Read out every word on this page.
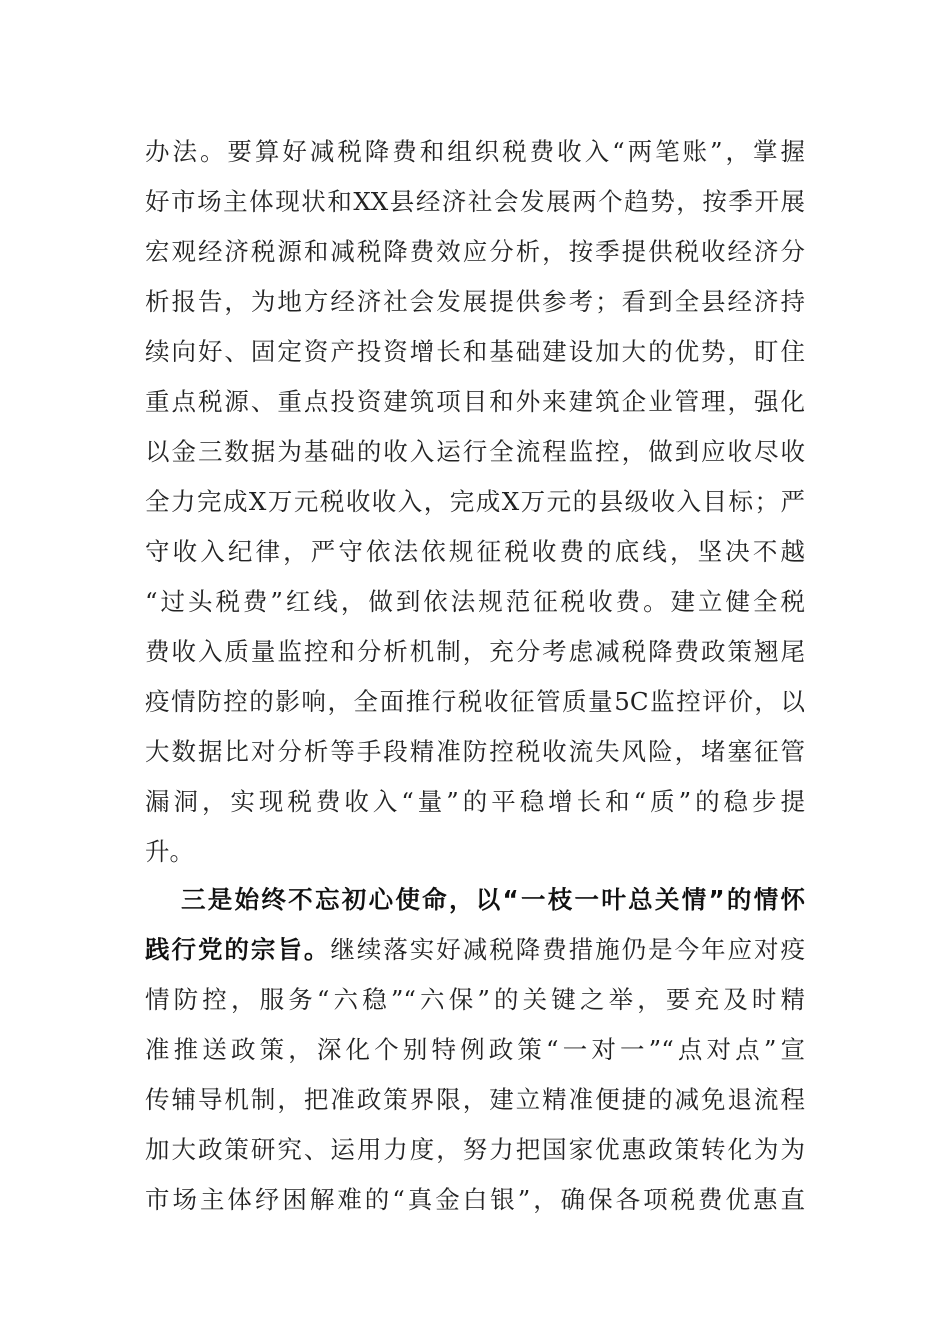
办法。要算好减税降费和组织税费收入“两笔账”，掌握
好市场主体现状和XX县经济社会发展两个趋势，按季开展
宏观经济税源和减税降费效应分析，按季提供税收经济分
析报告，为地方经济社会发展提供参考；看到全县经济持
续向好、固定资产投资增长和基础建设加大的优势，盯住
重点税源、重点投资建筑项目和外来建筑企业管理，强化
以金三数据为基础的收入运行全流程监控，做到应收尽收
全力完成X万元税收收入，完成X万元的县级收入目标；严
守收入纪律，严守依法依规征税收费的底线，坚决不越
“过头税费”红线，做到依法规范征税收费。建立健全税
费收入质量监控和分析机制，充分考虑减税降费政策翘尾
疫情防控的影响，全面推行税收征管质量5C监控评价，以
大数据比对分析等手段精准防控税收流失风险，堵塞征管
漏洞，实现税费收入“量”的平稳增长和“质”的稳步提
升。
三是始终不忘初心使命，以“一枝一叶总关情”的情怀
践行党的宗旨。继续落实好减税降费措施仍是今年应对疫
情防控，服务“六稳”“六保”的关键之举，要充及时精
准推送政策，深化个别特例政策“一对一”“点对点”宣
传辅导机制，把准政策界限，建立精准便捷的减免退流程
加大政策研究、运用力度，努力把国家优惠政策转化为为
市场主体纾困解难的“真金白银”，确保各项税费优惠直
